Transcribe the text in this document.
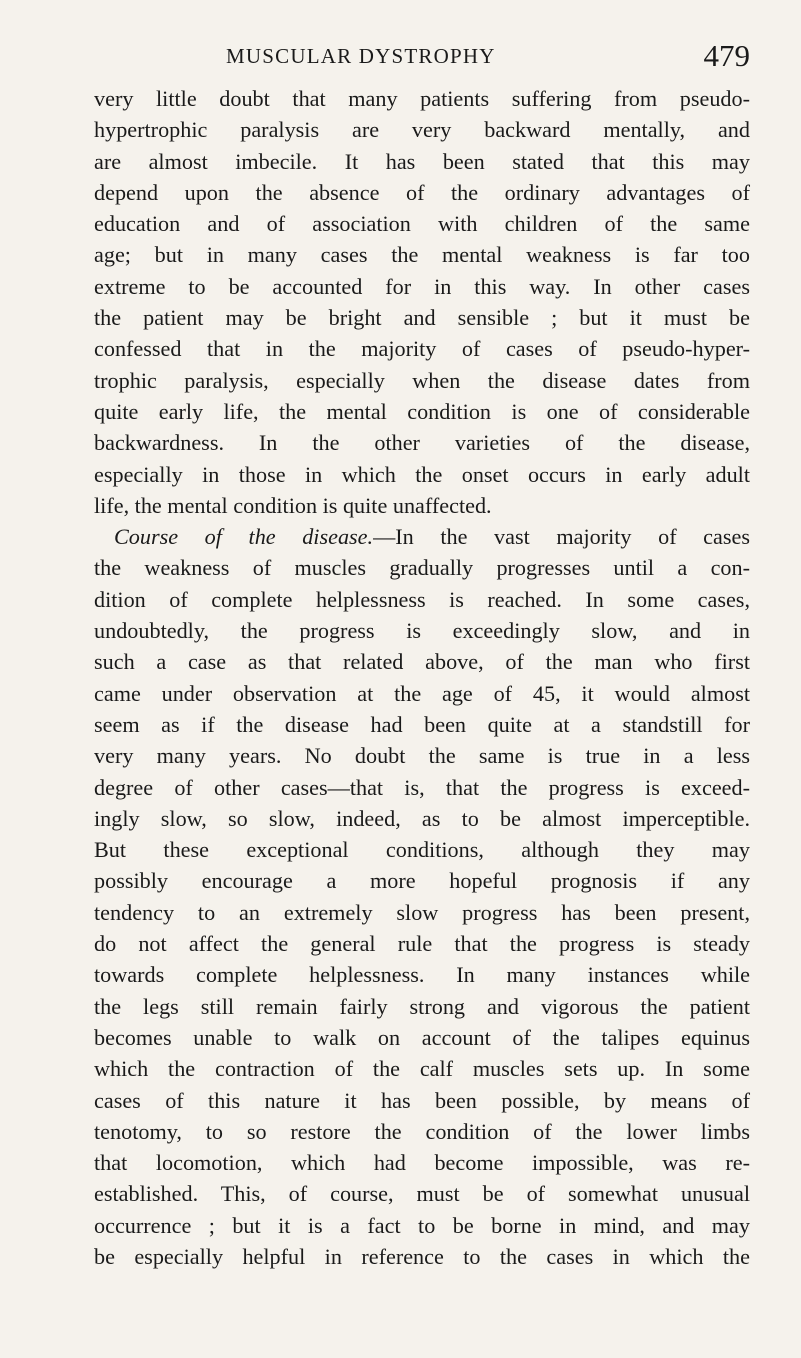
MUSCULAR DYSTROPHY	479
very little doubt that many patients suffering from pseudo-
hypertrophic paralysis are very backward mentally, and
are almost imbecile. It has been stated that this may
depend upon the absence of the ordinary advantages of
education and of association with children of the same
age; but in many cases the mental weakness is far too
extreme to be accounted for in this way. In other cases
the patient may be bright and sensible ; but it must be
confessed that in the majority of cases of pseudo-hyper-
trophic paralysis, especially when the disease dates from
quite early life, the mental condition is one of considerable
backwardness. In the other varieties of the disease,
especially in those in which the onset occurs in early adult
life, the mental condition is quite unaffected.
Course of the disease.—In the vast majority of cases
the weakness of muscles gradually progresses until a con-
dition of complete helplessness is reached. In some cases,
undoubtedly, the progress is exceedingly slow, and in
such a case as that related above, of the man who first
came under observation at the age of 45, it would almost
seem as if the disease had been quite at a standstill for
very many years. No doubt the same is true in a less
degree of other cases—that is, that the progress is exceed-
ingly slow, so slow, indeed, as to be almost imperceptible.
But these exceptional conditions, although they may
possibly encourage a more hopeful prognosis if any
tendency to an extremely slow progress has been present,
do not affect the general rule that the progress is steady
towards complete helplessness. In many instances while
the legs still remain fairly strong and vigorous the patient
becomes unable to walk on account of the talipes equinus
which the contraction of the calf muscles sets up. In some
cases of this nature it has been possible, by means of
tenotomy, to so restore the condition of the lower limbs
that locomotion, which had become impossible, was re-
established. This, of course, must be of somewhat unusual
occurrence ; but it is a fact to be borne in mind, and may
be especially helpful in reference to the cases in which the
